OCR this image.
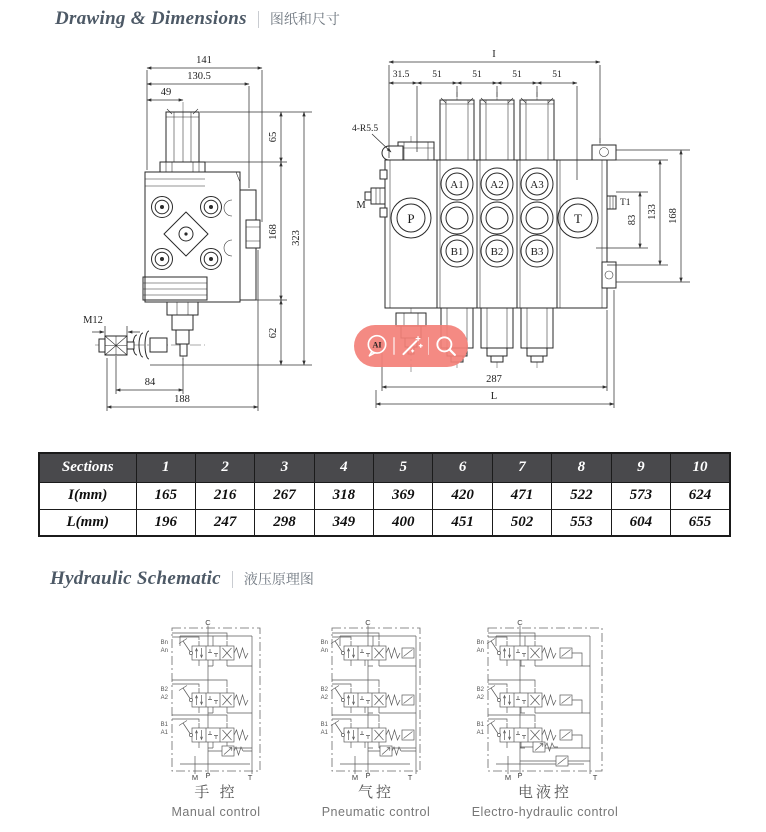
Drawing & Dimensions 图纸和尺寸
141
130.5
49
65
168
62
323
M12
84
188
P	T
A1 A2 A3
B1 B2 B3
4-R5.5
M	T1
I
31.5 51	51	51	51
83
133 168
287
L
AI
Sections	1	2	3	4	5	6	7	8	9	10
I(mm)	165	216	267	318	369	420	471	522	573	624
L(mm)	196	247	298	349	400	451	502	553	604	655
Hydraulic Schematic 液压原理图
C
M P	T
Bn
An
B2
A2
B1
A1
C
M P	T
Bn
An
B2
A2
B1
A1
C
M P	T
Bn
An
B2
A2
B1
A1
手 控
Manual control
气控
Pneumatic control
电液控
Electro-hydraulic control
